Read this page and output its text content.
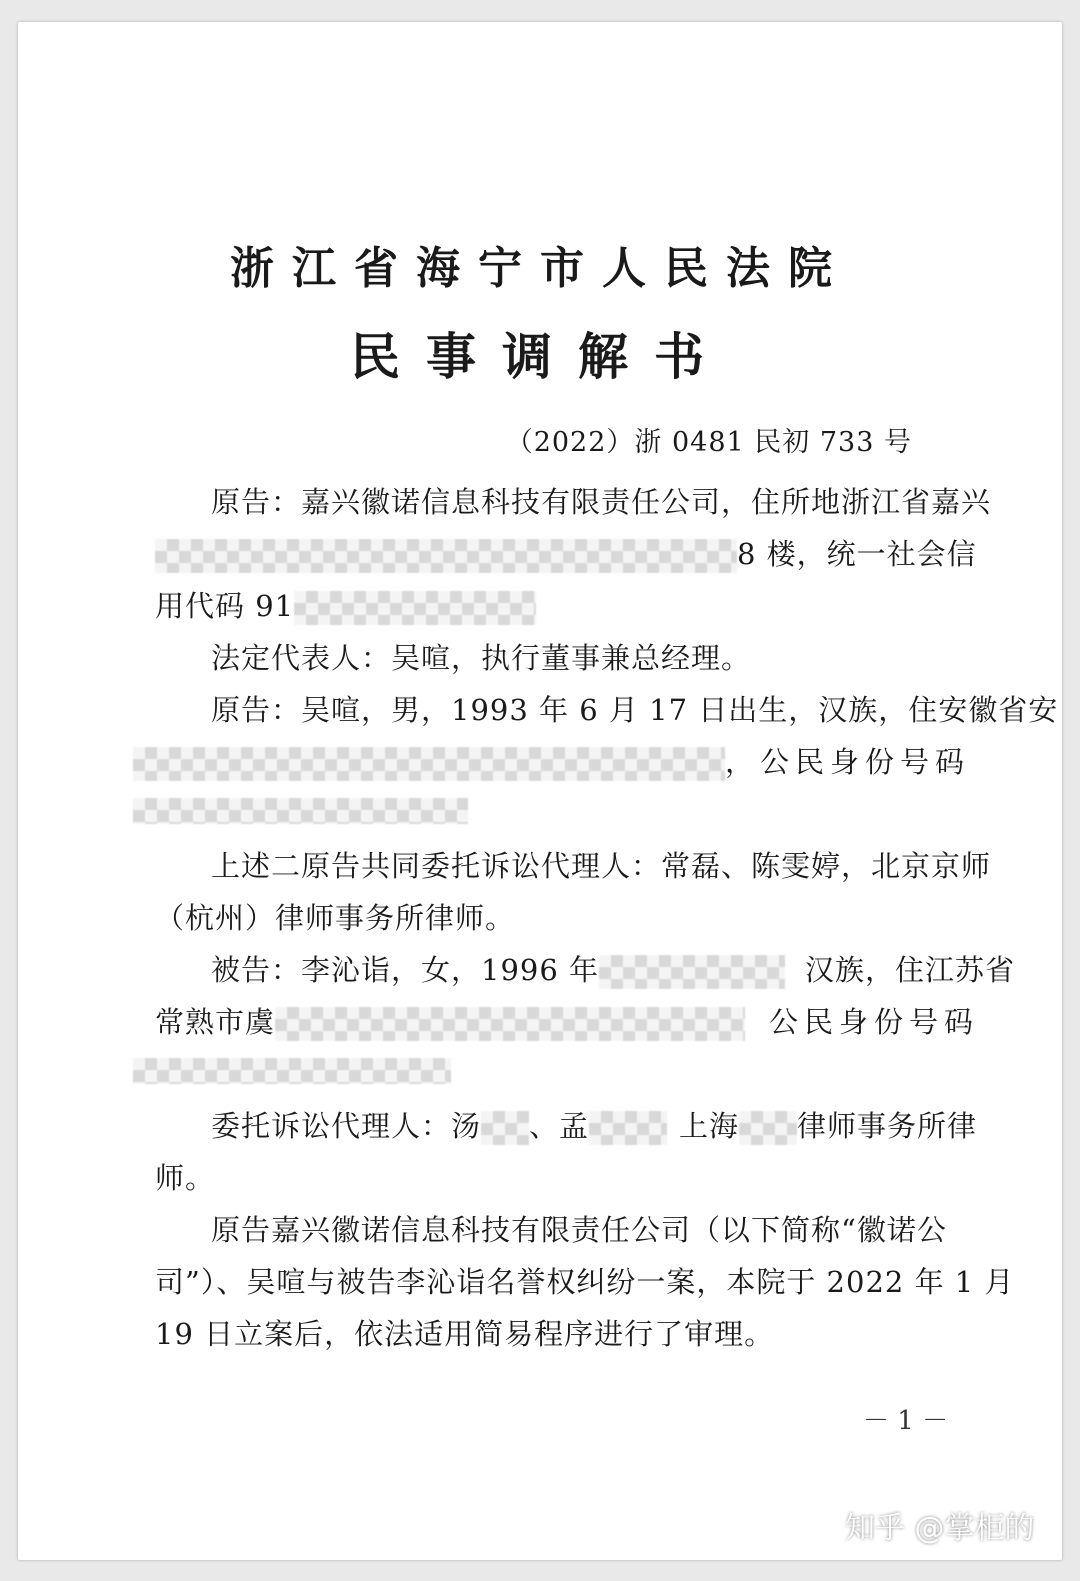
浙江省海宁市人民法院
民事调解书
（2022）浙 0481 民初 733 号
原告：嘉兴徽诺信息科技有限责任公司，住所地浙江省嘉兴
8 楼，统一社会信
用代码 91
法定代表人：吴喧，执行董事兼总经理。
原告：吴喧，男，1993 年 6 月 17 日出生，汉族，住安徽省安
，公民身份号码
上述二原告共同委托诉讼代理人：常磊、陈雯婷，北京京师
（杭州）律师事务所律师。
被告：李沁诣，女，1996 年	汉族，住江苏省
常熟市虞	公民身份号码
委托诉讼代理人：汤 、孟	上海 律师事务所律
师。
原告嘉兴徽诺信息科技有限责任公司（以下简称“徽诺公
司”）、吴喧与被告李沁诣名誉权纠纷一案，本院于 2022 年 1 月
19 日立案后，依法适用简易程序进行了审理。
－ 1 －
知乎 @掌柜的
